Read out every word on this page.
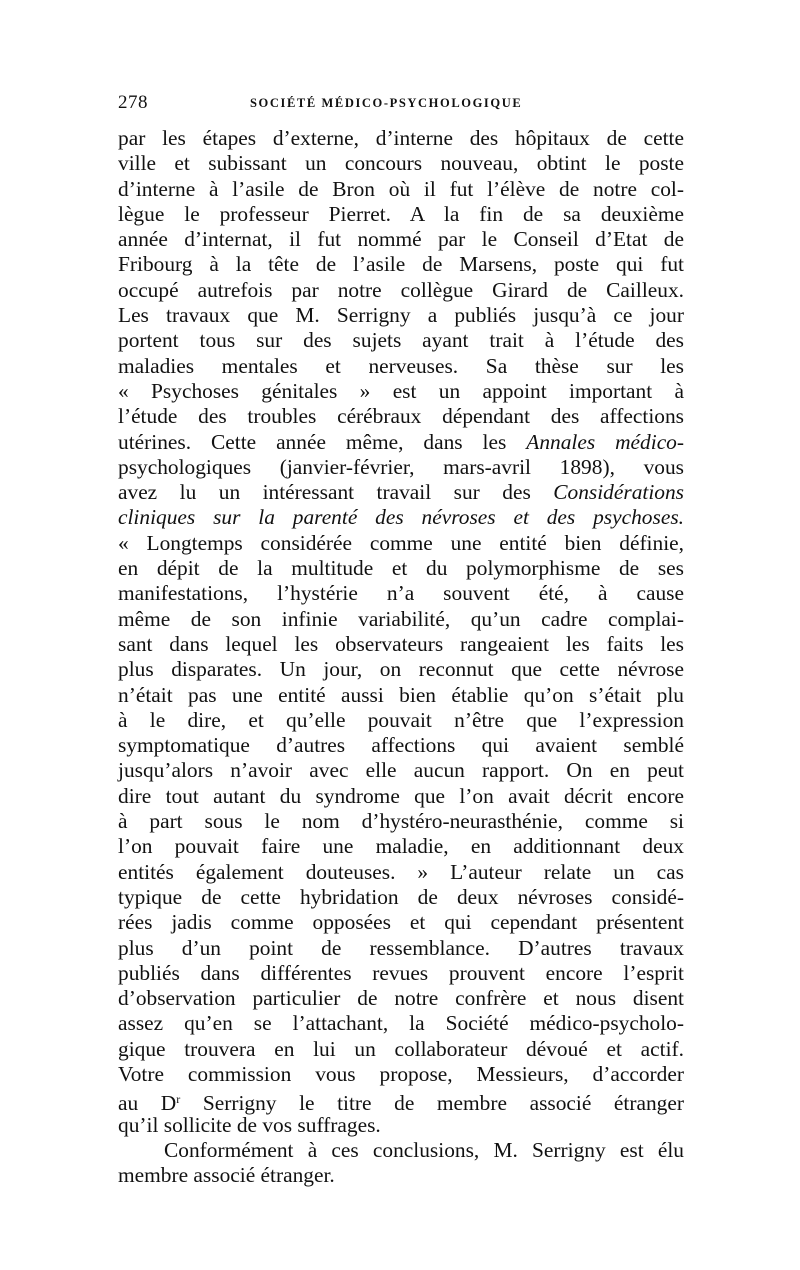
278	SOCIÉTÉ MÉDICO-PSYCHOLOGIQUE
par les étapes d’externe, d’interne des hôpitaux de cette
ville et subissant un concours nouveau, obtint le poste
d’interne à l’asile de Bron où il fut l’élève de notre col-
lègue le professeur Pierret. A la fin de sa deuxième
année d’internat, il fut nommé par le Conseil d’Etat de
Fribourg à la tête de l’asile de Marsens, poste qui fut
occupé autrefois par notre collègue Girard de Cailleux.
Les travaux que M. Serrigny a publiés jusqu’à ce jour
portent tous sur des sujets ayant trait à l’étude des
maladies mentales et nerveuses. Sa thèse sur les
« Psychoses génitales » est un appoint important à
l’étude des troubles cérébraux dépendant des affections
utérines. Cette année même, dans les Annales médico-
psychologiques (janvier-février, mars-avril 1898), vous
avez lu un intéressant travail sur des Considérations
cliniques sur la parenté des névroses et des psychoses.
« Longtemps considérée comme une entité bien définie,
en dépit de la multitude et du polymorphisme de ses
manifestations, l’hystérie n’a souvent été, à cause
même de son infinie variabilité, qu’un cadre complai-
sant dans lequel les observateurs rangeaient les faits les
plus disparates. Un jour, on reconnut que cette névrose
n’était pas une entité aussi bien établie qu’on s’était plu
à le dire, et qu’elle pouvait n’être que l’expression
symptomatique d’autres affections qui avaient semblé
jusqu’alors n’avoir avec elle aucun rapport. On en peut
dire tout autant du syndrome que l’on avait décrit encore
à part sous le nom d’hystéro-neurasthénie, comme si
l’on pouvait faire une maladie, en additionnant deux
entités également douteuses. » L’auteur relate un cas
typique de cette hybridation de deux névroses considé-
rées jadis comme opposées et qui cependant présentent
plus d’un point de ressemblance. D’autres travaux
publiés dans différentes revues prouvent encore l’esprit
d’observation particulier de notre confrère et nous disent
assez qu’en se l’attachant, la Société médico-psycholo-
gique trouvera en lui un collaborateur dévoué et actif.
Votre commission vous propose, Messieurs, d’accorder
au $D^r$ Serrigny le titre de membre associé étranger
qu’il sollicite de vos suffrages.
Conformément à ces conclusions, M. Serrigny est élu
membre associé étranger.
